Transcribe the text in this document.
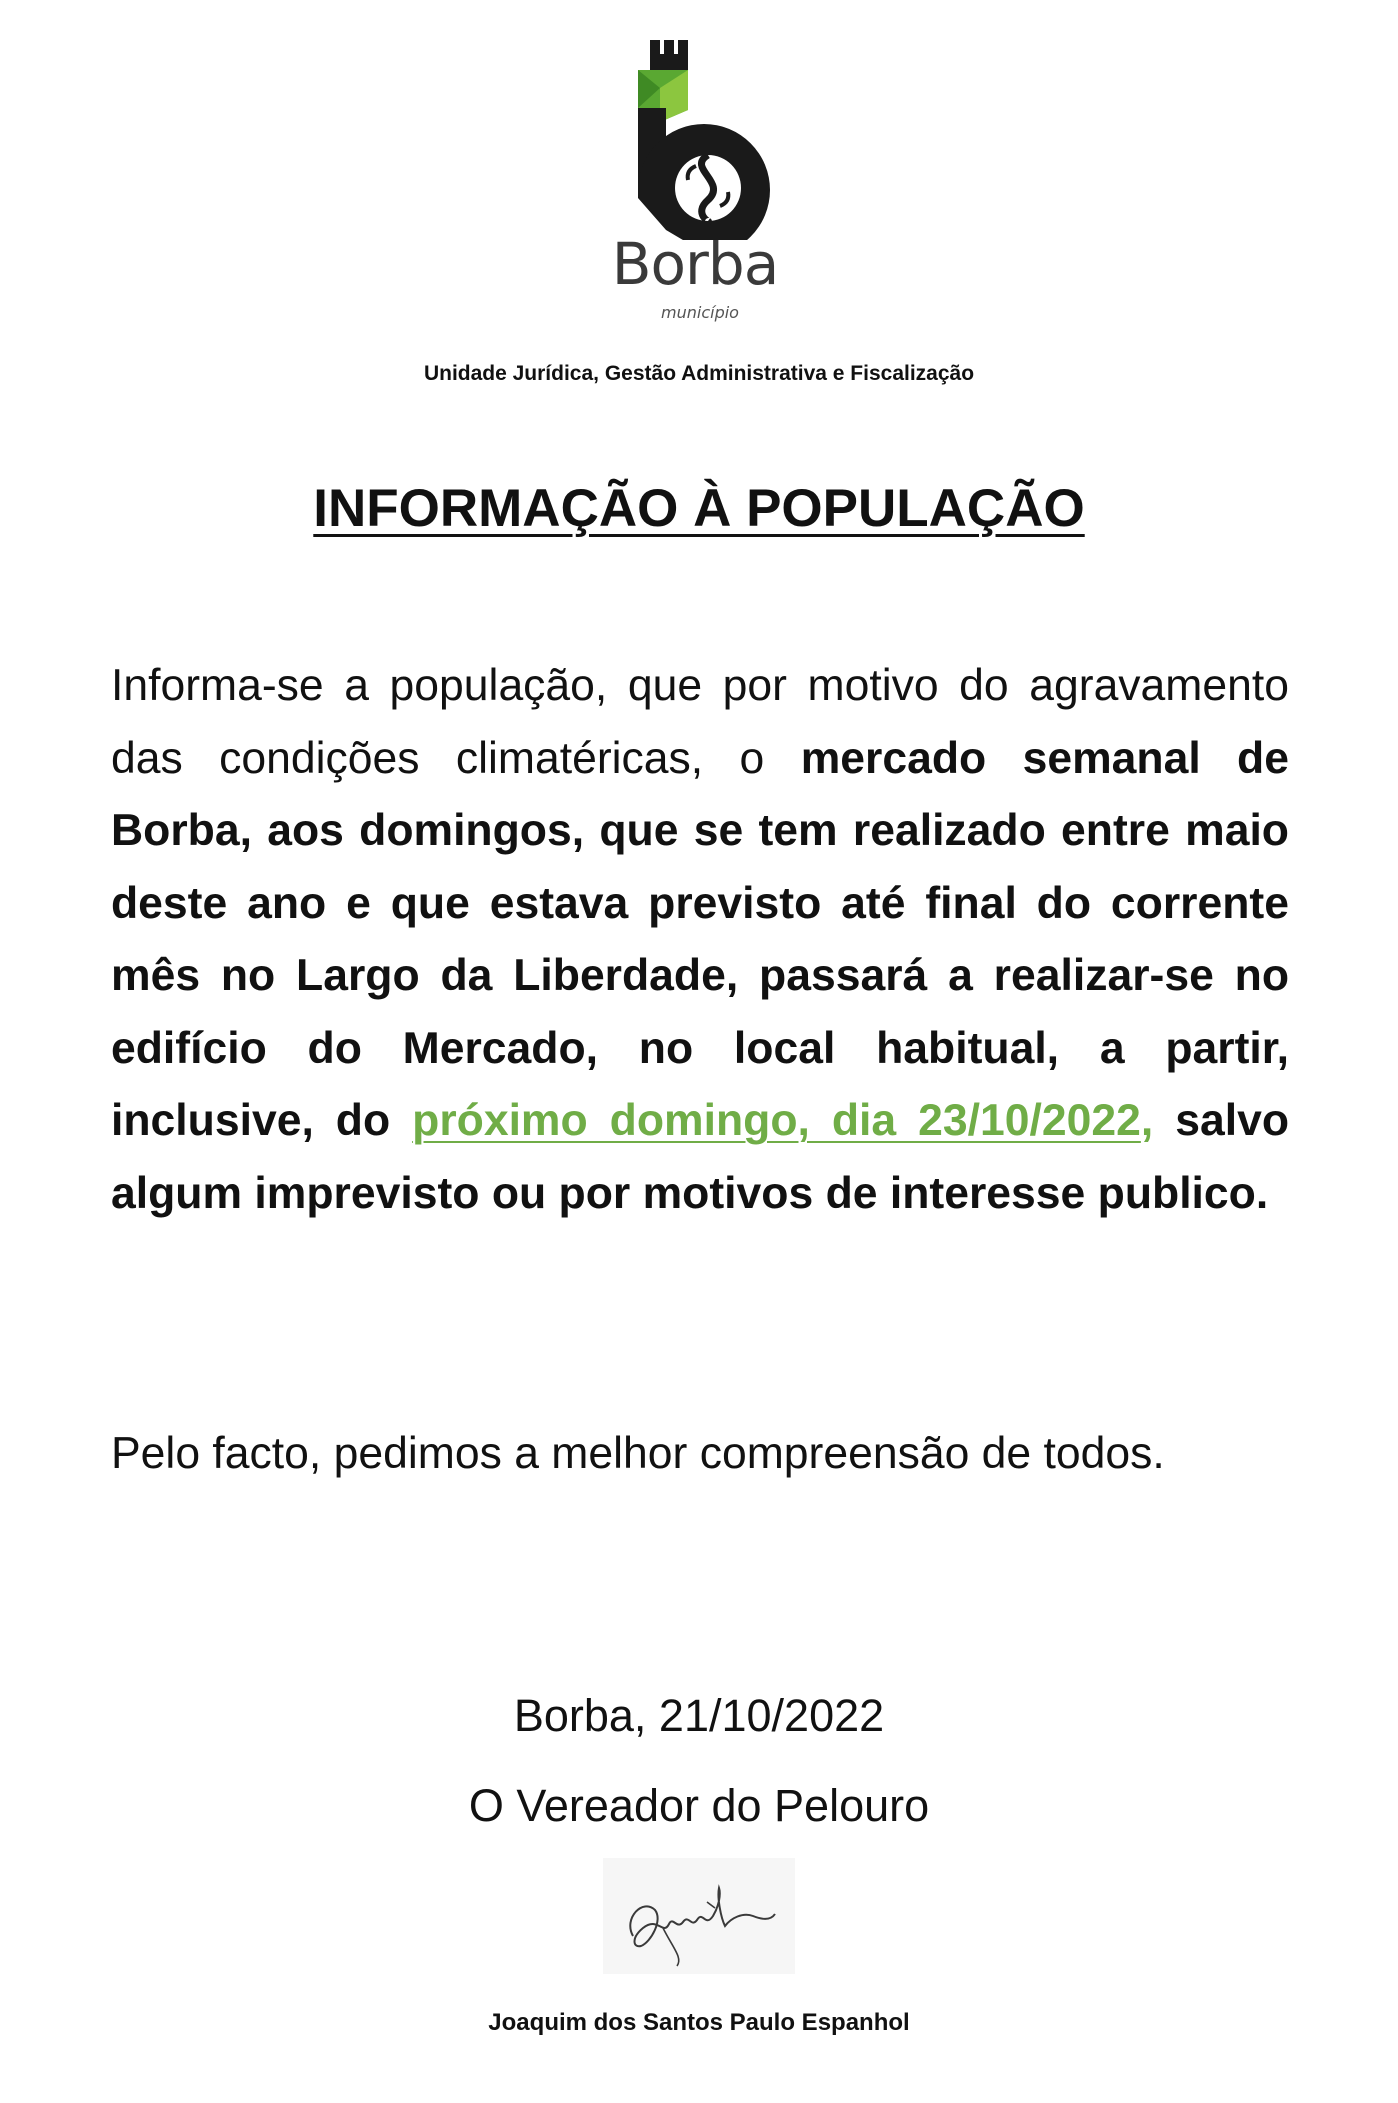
Borba
município
Unidade Jurídica, Gestão Administrativa e Fiscalização
INFORMAÇÃO À POPULAÇÃO
Informa-se a população, que por motivo do agravamento das condições climatéricas, o mercado semanal de Borba, aos domingos, que se tem realizado entre maio deste ano e que estava previsto até final do corrente mês no Largo da Liberdade, passará a realizar-se no edifício do Mercado, no local habitual, a partir, inclusive, do próximo domingo, dia 23/10/2022, salvo algum imprevisto ou por motivos de interesse publico.
Pelo facto, pedimos a melhor compreensão de todos.
Borba, 21/10/2022
O Vereador do Pelouro
Joaquim dos Santos Paulo Espanhol
